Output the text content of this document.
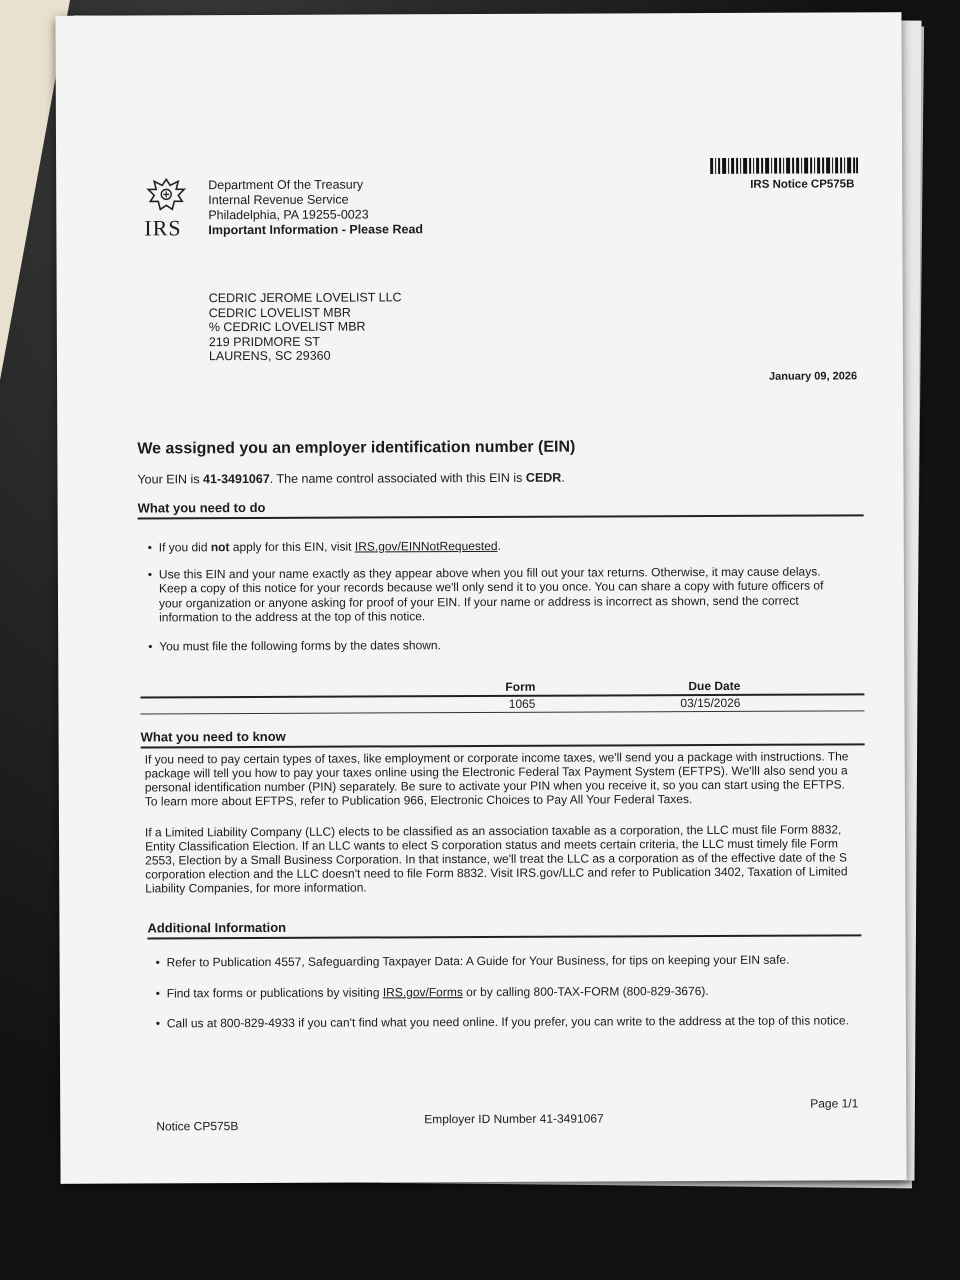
IRS
Department Of the Treasury
Internal Revenue Service
Philadelphia, PA 19255-0023
Important Information - Please Read
IRS Notice CP575B
CEDRIC JEROME LOVELIST LLC
CEDRIC LOVELIST MBR
% CEDRIC LOVELIST MBR
219 PRIDMORE ST
LAURENS, SC 29360
January 09, 2026
We assigned you an employer identification number (EIN)
Your EIN is 41-3491067. The name control associated with this EIN is CEDR.
What you need to do
• If you did not apply for this EIN, visit IRS.gov/EINNotRequested.
• Use this EIN and your name exactly as they appear above when you fill out your tax returns. Otherwise, it may cause delays. Keep a copy of this notice for your records because we'll only send it to you once. You can share a copy with future officers of your organization or anyone asking for proof of your EIN. If your name or address is incorrect as shown, send the correct information to the address at the top of this notice.
• You must file the following forms by the dates shown.
Form	Due Date
1065	03/15/2026
What you need to know
If you need to pay certain types of taxes, like employment or corporate income taxes, we'll send you a package with instructions. The package will tell you how to pay your taxes online using the Electronic Federal Tax Payment System (EFTPS). We'llI also send you a personal identification number (PIN) separately. Be sure to activate your PIN when you receive it, so you can start using the EFTPS. To learn more about EFTPS, refer to Publication 966, Electronic Choices to Pay All Your Federal Taxes.
If a Limited Liability Company (LLC) elects to be classified as an association taxable as a corporation, the LLC must file Form 8832, Entity Classification Election. If an LLC wants to elect S corporation status and meets certain criteria, the LLC must timely file Form 2553, Election by a Small Business Corporation. In that instance, we'll treat the LLC as a corporation as of the effective date of the S corporation election and the LLC doesn't need to file Form 8832. Visit IRS.gov/LLC and refer to Publication 3402, Taxation of Limited Liability Companies, for more information.
Additional Information
• Refer to Publication 4557, Safeguarding Taxpayer Data: A Guide for Your Business, for tips on keeping your EIN safe.
• Find tax forms or publications by visiting IRS.gov/Forms or by calling 800-TAX-FORM (800-829-3676).
• Call us at 800-829-4933 if you can't find what you need online. If you prefer, you can write to the address at the top of this notice.
Notice CP575B	Employer ID Number 41-3491067
Page 1/1
